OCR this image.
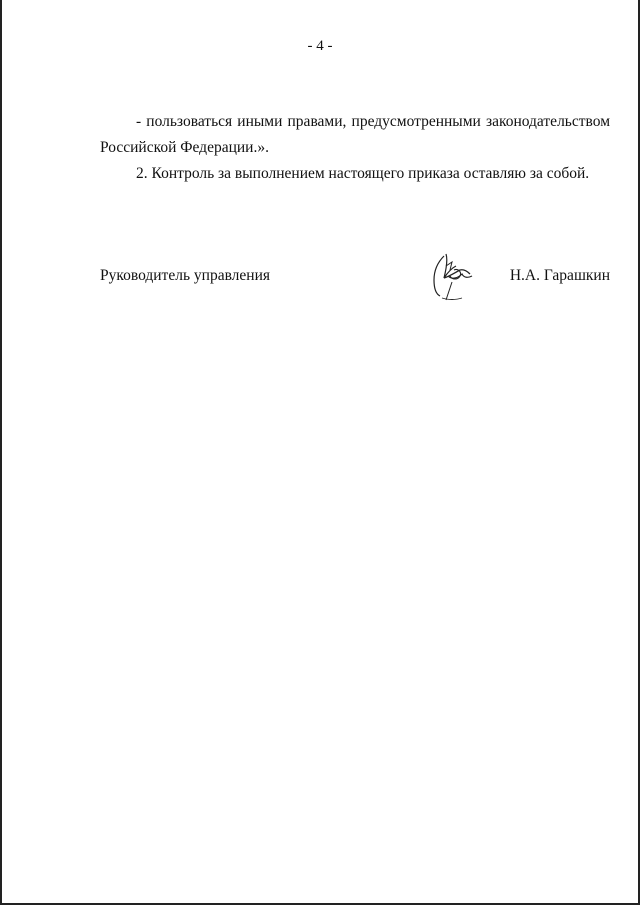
- 4 -
- пользоваться иными правами, предусмотренными законодательством
Российской Федерации.».
2. Контроль за выполнением настоящего приказа оставляю за собой.
Руководитель управления	Н.А. Гарашкин
